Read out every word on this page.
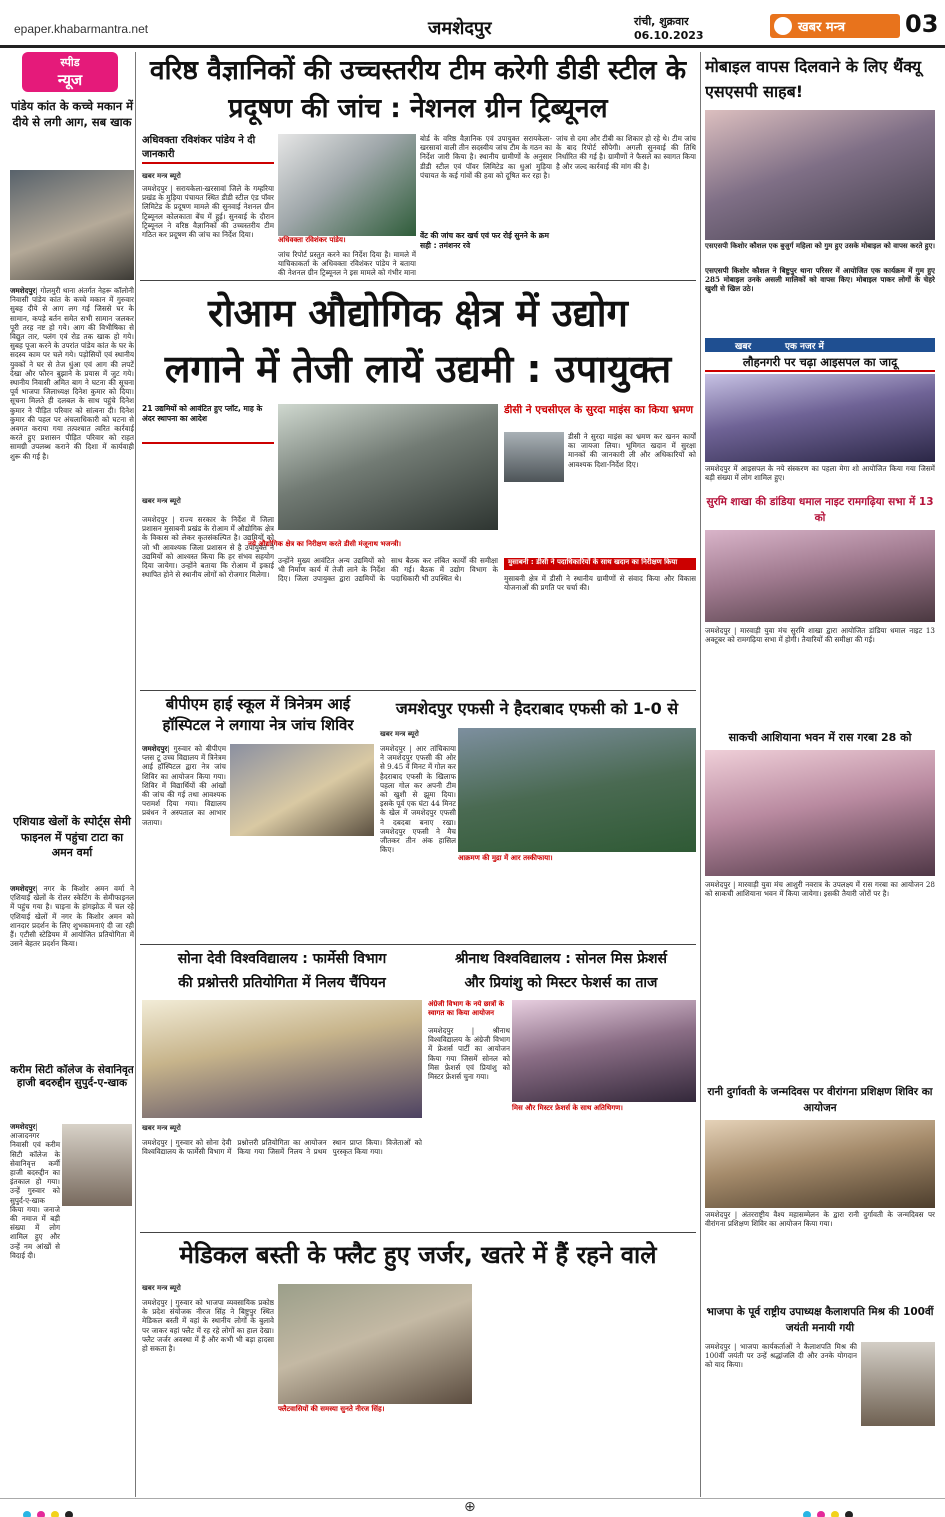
epaper.khabarmantra.net	जमशेदपुर	रांची, शुक्रवार
06.10.2023
खबर मन्त्र 03
स्पीड
न्यूज
पांडेय कांत के कच्चे मकान में दीये से लगी आग, सब खाक
जमशेदपुर| गोलमुरी थाना अंतर्गत नेहरू कॉलोनी निवासी पांडेय कांत के कच्चे मकान में गुरुवार सुबह दीये से आग लग गई जिससे घर के सामान, कपड़े बर्तन समेत सभी सामान जलकर पूरी तरह नष्ट हो गये। आग की विभीषिका से विद्युत तार, पलंग एवं रोड तक खाक हो गये। सुबह पूजा करने के उपरांत पांडेय कांत के घर के सदस्य काम पर चले गये। पड़ोसियों एवं स्थानीय युवकों ने घर से तेज धुंआ एवं आग की लपटें देखा और फौरन बुझाने के प्रयास में जुट गये। स्थानीय निवासी अमित बाग ने घटना की सूचना पूर्व भाजपा जिलाध्यक्ष दिनेश कुमार को दिया। सूचना मिलते ही दलबल के साथ पहुंचे दिनेश कुमार ने पीड़ित परिवार को सांत्वना दी। दिनेश कुमार की पहल पर अंचलाधिकारी को घटना से अवगत कराया गया तत्पश्चात त्वरित कार्रवाई करते हुए प्रशासन पीड़ित परिवार को राहत सामग्री उपलब्ध कराने की दिशा में कार्यवाही शुरू की गई है।
एशियाड खेलों के स्पोर्ट्स सेमी फाइनल में पहुंचा टाटा का अमन वर्मा
जमशेदपुर| नगर के किशोर अमन वर्मा ने एशियाई खेलों के रोलर स्केटिंग के सेमीफाइनल में पहुंच गया है। चाइना के हांगझोऊ में चल रहे एशियाई खेलों में नगर के किशोर अमन को शानदार प्रदर्शन के लिए शुभकामनाएं दी जा रही हैं। एटीसी स्टेडियम में आयोजित प्रतियोगिता में उसने बेहतर प्रदर्शन किया।
करीम सिटी कॉलेज के सेवानिवृत हाजी बदरुद्दीन सुपुर्द-ए-खाक
जमशेदपुर| आजादनगर निवासी एवं करीम सिटी कॉलेज के सेवानिवृत्त कर्मी हाजी बदरुद्दीन का इंतकाल हो गया। उन्हें गुरुवार को सुपुर्द-ए-खाक किया गया। जनाजे की नमाज में बड़ी संख्या में लोग शामिल हुए और उन्हें नम आंखों से विदाई दी।
वरिष्ठ वैज्ञानिकों की उच्चस्तरीय टीम करेगी डीडी स्टील के प्रदूषण की जांच : नेशनल ग्रीन ट्रिब्यूनल
अधिवक्ता रविशंकर पांडेय ने दी जानकारी
खबर मन्त्र ब्यूरो
जमशेदपुर | सरायकेला-खरसावां जिले के गम्हरिया प्रखंड के मुड़िया पंचायत स्थित डीडी स्टील एंड पॉवर लिमिटेड के प्रदूषण मामले की सुनवाई नेशनल ग्रीन ट्रिब्यूनल कोलकाता बेंच में हुई। सुनवाई के दौरान ट्रिब्यूनल ने वरिष्ठ वैज्ञानिकों की उच्चस्तरीय टीम गठित कर प्रदूषण की जांच का निर्देश दिया।
अधिवक्ता रविशंकर पांडेय।
जांच रिपोर्ट प्रस्तुत करने का निर्देश दिया है। मामले में याचिकाकर्ता के अधिवक्ता रविशंकर पांडेय ने बताया की नेशनल ग्रीन ट्रिब्यूनल ने इस मामले को गंभीर माना
बोर्ड के वरिष्ठ वैज्ञानिक एवं उपायुक्त सरायकेला-खरसावां वाली तीन सदस्यीय जांच टीम के गठन का निर्देश जारी किया है। स्थानीय ग्रामीणों के अनुसार डीडी स्टील एवं पॉवर लिमिटेड का धुआं मुड़िया पंचायत के कई गांवों की हवा को दूषित कर रहा है।
वेंट की जांच कर खर्च एवं फर रोई सुनने के क्रम सही : तमंशनर रवे
जांच से दमा और टीबी का शिकार हो रहे थे। टीम जांच के बाद रिपोर्ट सौंपेगी। अगली सुनवाई की तिथि निर्धारित की गई है। ग्रामीणों ने फैसले का स्वागत किया है और जल्द कार्रवाई की मांग की है।
रोआम औद्योगिक क्षेत्र में उद्योग
लगाने में तेजी लायें उद्यमी : उपायुक्त
21 उद्यमियों को आवंटित हुए प्लॉट, माह के अंदर स्थापना का आदेश
खबर मन्त्र ब्यूरो
नये औद्योगिक क्षेत्र का निरीक्षण करते डीसी मंजूनाथ भजन्त्री।
जमशेदपुर | राज्य सरकार के निर्देश में जिला प्रशासन मुसाबनी प्रखंड के रोआम में औद्योगिक क्षेत्र के विकास को लेकर कृतसंकल्पित है। उद्यमियों को जो भी आवश्यक जिला प्रशासन से है उपायुक्त ने उद्यमियों को आश्वस्त किया कि हर संभव सहयोग दिया जायेगा। उन्होंने बताया कि रोआम में इकाई स्थापित होने से स्थानीय लोगों को रोजगार मिलेगा।
उन्होंने मुख्य आवंटित अन्य उद्यमियों को भी निर्माण कार्य में तेजी लाने के निर्देश दिए। जिला उपायुक्त द्वारा उद्यमियों के साथ बैठक कर लंबित कार्यों की समीक्षा की गई। बैठक में उद्योग विभाग के पदाधिकारी भी उपस्थित थे।
डीसी ने एचसीएल के सुरदा माइंस का किया भ्रमण
डीसी ने सुरदा माइंस का भ्रमण कर खनन कार्यों का जायजा लिया। भूमिगत खदान में सुरक्षा मानकों की जानकारी ली और अधिकारियों को आवश्यक दिशा-निर्देश दिए।
मुसाबनी : डीसी ने पदाधिकारियों के साथ खदान का निरीक्षण किया
मुसाबनी क्षेत्र में डीसी ने स्थानीय ग्रामीणों से संवाद किया और विकास योजनाओं की प्रगति पर चर्चा की।
बीपीएम हाई स्कूल में त्रिनेत्रम आई हॉस्पिटल ने लगाया नेत्र जांच शिविर
जमशेदपुर| गुरुवार को बीपीएम प्लस टू उच्च विद्यालय में त्रिनेत्रम आई हॉस्पिटल द्वारा नेत्र जांच शिविर का आयोजन किया गया। शिविर में विद्यार्थियों की आंखों की जांच की गई तथा आवश्यक परामर्श दिया गया। विद्यालय प्रबंधन ने अस्पताल का आभार जताया।
जमशेदपुर एफसी ने हैदराबाद एफसी को 1-0 से
खबर मन्त्र ब्यूरो
जमशेदपुर | आर तांचिकाया ने जमशेदपुर एफसी की ओर से 9.45 वें मिनट में गोल कर हैदराबाद एफसी के खिलाफ पहला गोल कर अपनी टीम को खुशी से झूमा दिया। इसके पूर्व एक घंटा 44 मिनट के खेल में जमशेदपुर एफसी ने दबदबा बनाए रखा। जमशेदपुर एफसी ने मैच जीतकर तीन अंक हासिल किए।
आक्रमण की मुद्रा में आर तस्कीफाया।
सोना देवी विश्वविद्यालय : फार्मेसी विभाग
की प्रश्नोत्तरी प्रतियोगिता में निलय चैंपियन
खबर मन्त्र ब्यूरो
जमशेदपुर | गुरुवार को सोना देवी विश्वविद्यालय के फार्मेसी विभाग में प्रश्नोत्तरी प्रतियोगिता का आयोजन किया गया जिसमें निलय ने प्रथम स्थान प्राप्त किया। विजेताओं को पुरस्कृत किया गया।
श्रीनाथ विश्वविद्यालय : सोनल मिस फ्रेशर्स
और प्रियांशु को मिस्टर फेशर्स का ताज
अंग्रेजी विभाग के नये छात्रों के स्वागत का किया आयोजन
जमशेदपुर | श्रीनाथ विश्वविद्यालय के अंग्रेजी विभाग में फ्रेशर्स पार्टी का आयोजन किया गया जिसमें सोनल को मिस फ्रेशर्स एवं प्रियांशु को मिस्टर फ्रेशर्स चुना गया।
मिस और मिस्टर फ्रेशर्स के साथ अतिथिगण।
मेडिकल बस्ती के फ्लैट हुए जर्जर, खतरे में हैं रहने वाले
खबर मन्त्र ब्यूरो
जमशेदपुर | गुरुवार को भाजपा व्यवसायिक प्रकोष्ठ के प्रदेश संयोजक नीरज सिंह ने बिष्टुपुर स्थित मेडिकल बस्ती में वहां के स्थानीय लोगों के बुलावे पर जाकर वहां फ्लैट में रह रहे लोगों का हाल देखा। फ्लैट जर्जर अवस्था में हैं और कभी भी बड़ा हादसा हो सकता है।
फ्लैटवासियों की समस्या सुनते नीरज सिंह।
मोबाइल वापस दिलवाने के लिए थैंक्यू एसएसपी साहब!
एसएसपी किशोर कौशल एक बुजुर्ग महिला को गुम हुए उसके मोबाइल को वापस करते हुए।
एसएसपी किशोर कौशल ने बिष्टुपुर थाना परिसर में आयोजित एक कार्यक्रम में गुम हुए 285 मोबाइल उनके असली मालिकों को वापस किए। मोबाइल पाकर लोगों के चेहरे खुशी से खिल उठे।
खबर	एक नजर में
लौहनगरी पर चढ़ा आइसपल का जादू
जमशेदपुर में आइसपल के नये संस्करण का पहला मेगा शो आयोजित किया गया जिसमें बड़ी संख्या में लोग शामिल हुए।
सुरमि शाखा की डांडिया धमाल नाइट रामगढ़िया सभा में 13 को
जमशेदपुर | मारवाड़ी युवा मंच सुरमि शाखा द्वारा आयोजित डांडिया धमाल नाइट 13 अक्टूबर को रामगढ़िया सभा में होगी। तैयारियों की समीक्षा की गई।
साकची आशियाना भवन में रास गरबा 28 को
जमशेदपुर | मारवाड़ी युवा मंच आशुरी नवरात्र के उपलक्ष्य में रास गरबा का आयोजन 28 को साकची आशियाना भवन में किया जायेगा। इसकी तैयारी जोरों पर है।
रानी दुर्गावती के जन्मदिवस पर वीरांगना प्रशिक्षण शिविर का आयोजन
जमशेदपुर | अंतरराष्ट्रीय वैश्य महासम्मेलन के द्वारा रानी दुर्गावती के जन्मदिवस पर वीरांगना प्रशिक्षण शिविर का आयोजन किया गया।
भाजपा के पूर्व राष्ट्रीय उपाध्यक्ष कैलाशपति मिश्र की 100वीं जयंती मनायी गयी
जमशेदपुर | भाजपा कार्यकर्ताओं ने कैलाशपति मिश्र की 100वीं जयंती पर उन्हें श्रद्धांजलि दी और उनके योगदान को याद किया।
⊕
